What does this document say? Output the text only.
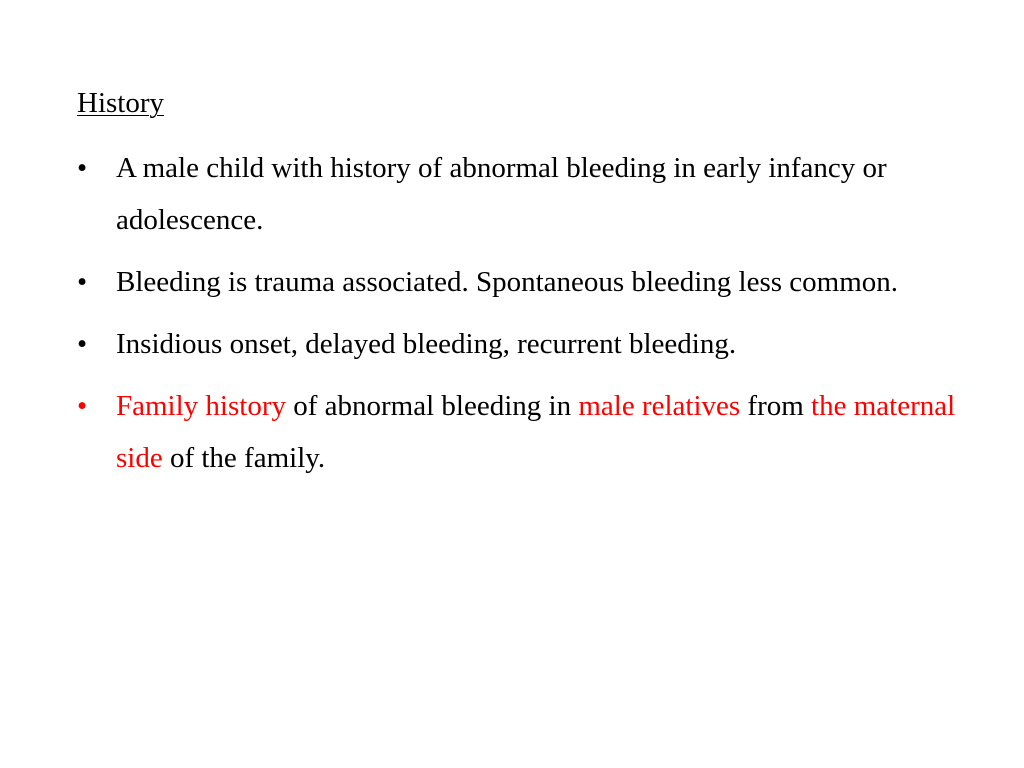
History
• A male child with history of abnormal bleeding in early infancy or adolescence.
• Bleeding is trauma associated. Spontaneous bleeding less common.
• Insidious onset, delayed bleeding, recurrent bleeding.
• Family history of abnormal bleeding in male relatives from the maternal side of the family.
